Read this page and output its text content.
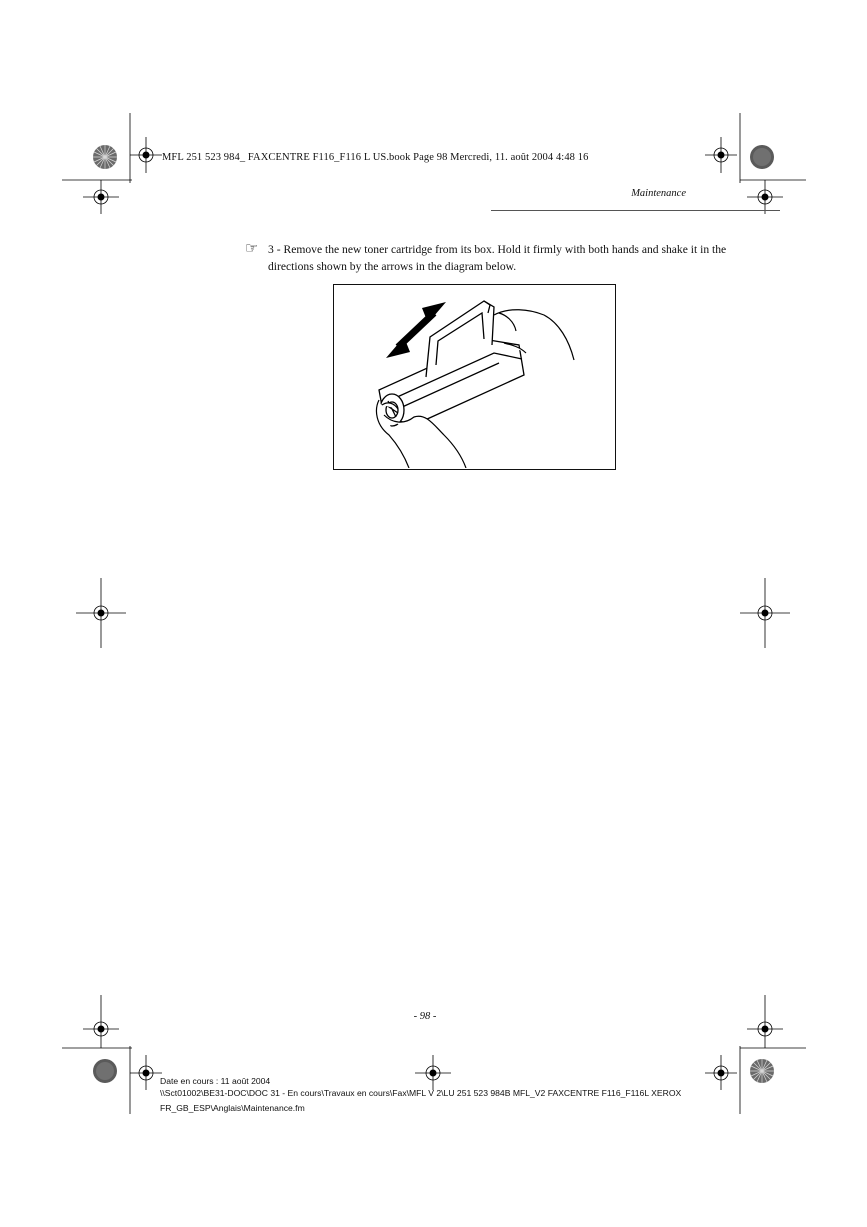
MFL 251 523 984_ FAXCENTRE F116_F116 L US.book Page 98 Mercredi, 11. août 2004 4:48 16
Maintenance
☞ 3 - Remove the new toner cartridge from its box. Hold it firmly with both hands and shake it in the directions shown by the arrows in the diagram below.
- 98 -
Date en cours : 11 août 2004
\\Sct01002\BE31-DOC\DOC 31 - En cours\Travaux en cours\Fax\MFL V 2\LU 251 523 984B MFL_V2 FAXCENTRE F116_F116L XEROX
FR_GB_ESP\Anglais\Maintenance.fm
